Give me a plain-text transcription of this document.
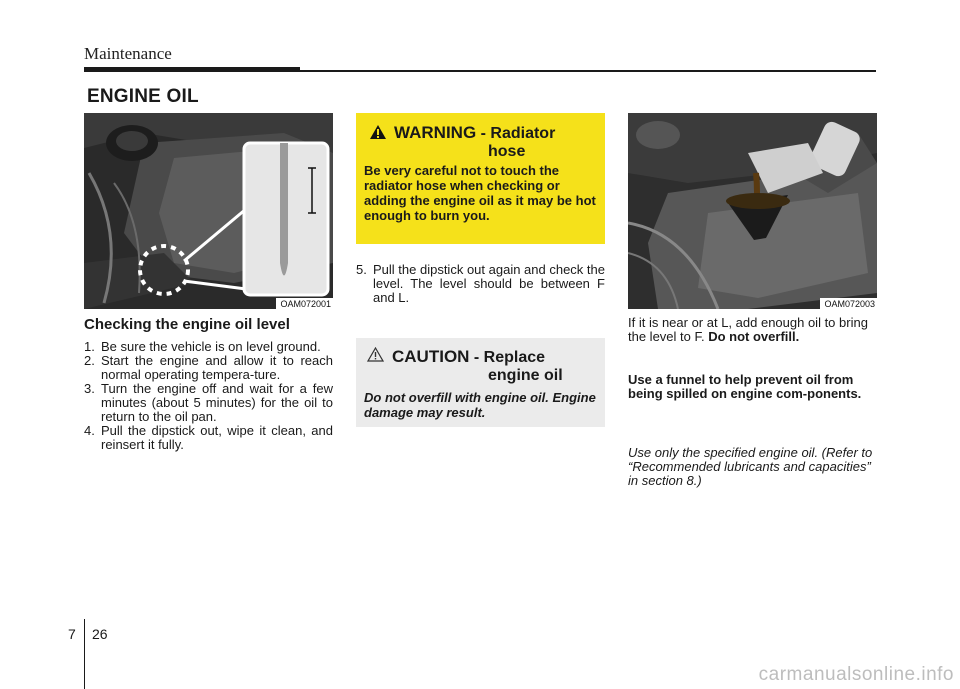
Maintenance
ENGINE OIL
OAM072001
Checking the engine oil level
1. Be sure the vehicle is on level ground.
2. Start the engine and allow it to reach normal operating tempera-ture.
3. Turn the engine off and wait for a few minutes (about 5 minutes) for the oil to return to the oil pan.
4. Pull the dipstick out, wipe it clean, and reinsert it fully.
WARNING - Radiator
hose
Be very careful not to touch the radiator hose when checking or adding the engine oil as it may be hot enough to burn you.
5. Pull the dipstick out again and check the level. The level should be between F and L.
CAUTION - Replace
engine oil
Do not overfill with engine oil. Engine damage may result.
OAM072003
If it is near or at L, add enough oil to bring the level to F. Do not overfill.
Use a funnel to help prevent oil from being spilled on engine com-ponents.
Use only the specified engine oil. (Refer to “Recommended lubricants and capacities” in section 8.)
7 26
carmanualsonline.info
